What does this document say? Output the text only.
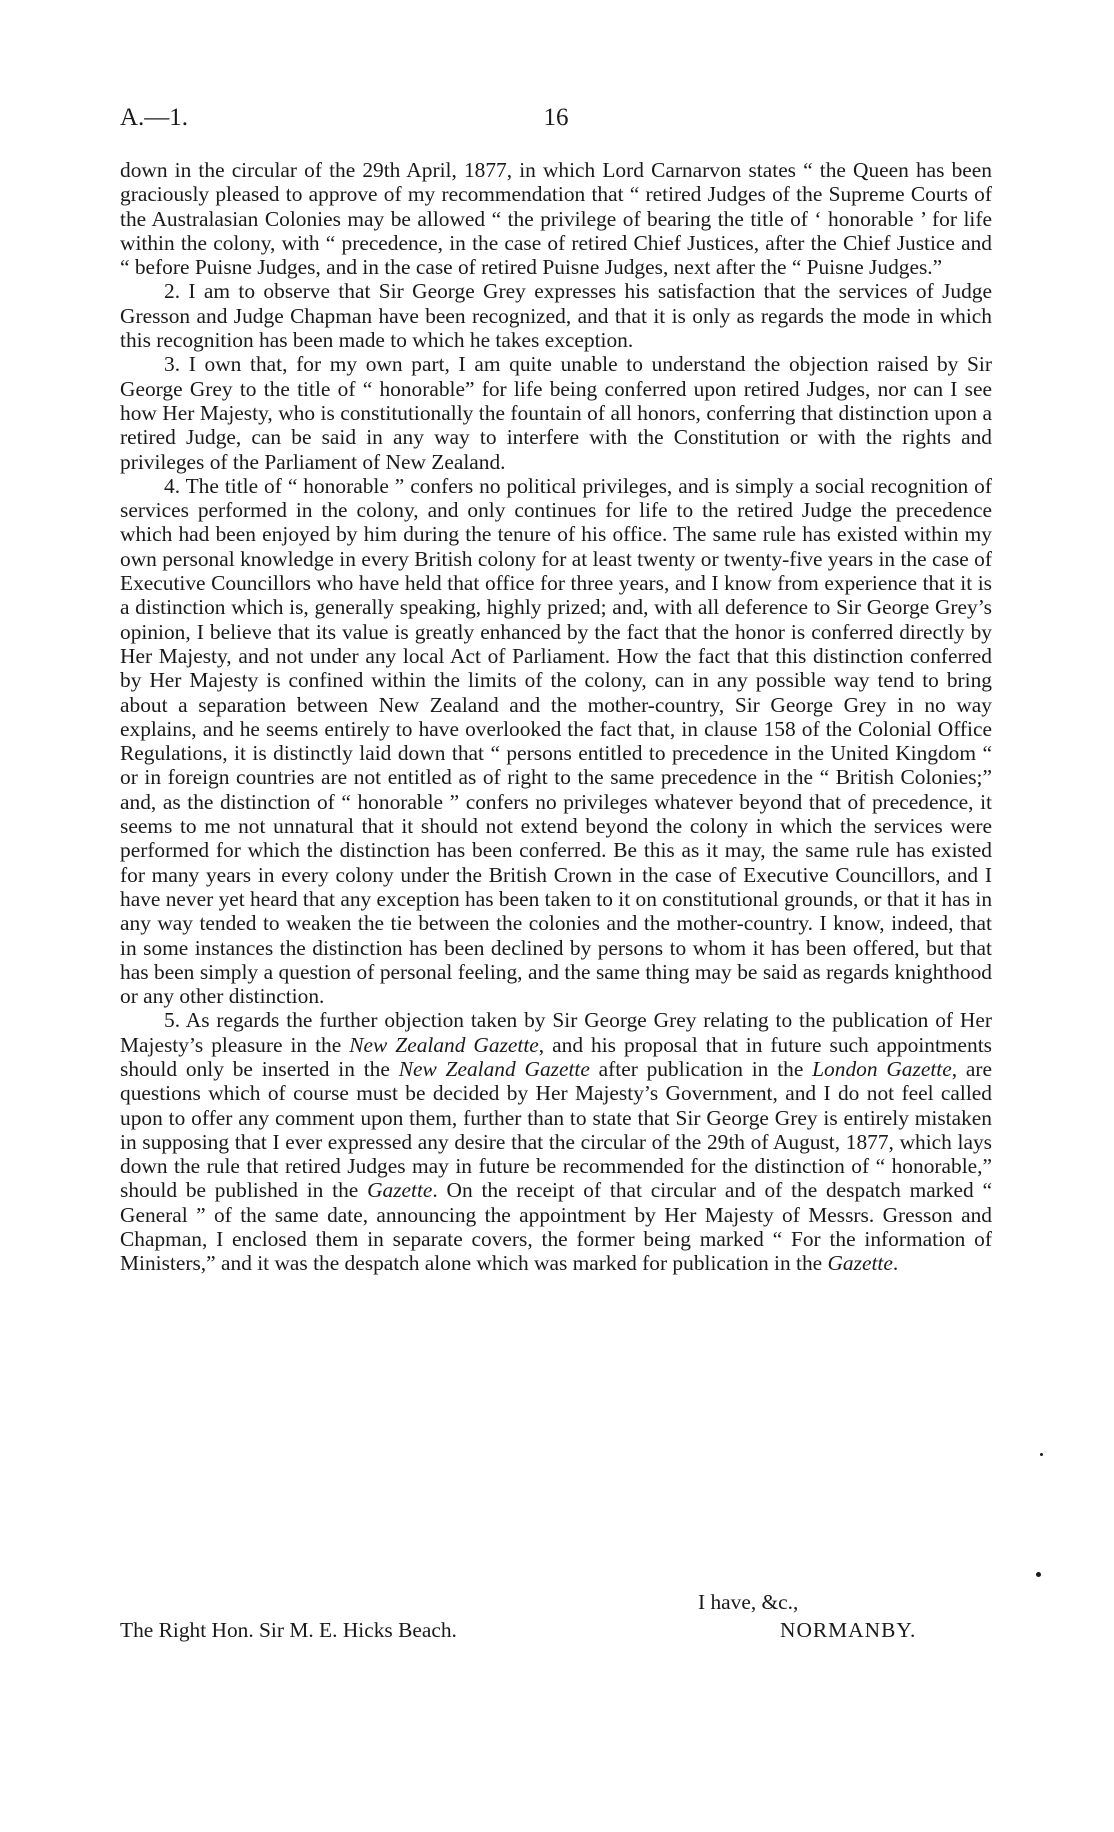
A.—1.	16

down in the circular of the 29th April, 1877, in which Lord Carnarvon states “ the Queen has been graciously pleased to approve of my recommendation that “ retired Judges of the Supreme Courts of the Australasian Colonies may be allowed “ the privilege of bearing the title of ‘ honorable ’ for life within the colony, with “ precedence, in the case of retired Chief Justices, after the Chief Justice and “ before Puisne Judges, and in the case of retired Puisne Judges, next after the “ Puisne Judges.”

2. I am to observe that Sir George Grey expresses his satisfaction that the services of Judge Gresson and Judge Chapman have been recognized, and that it is only as regards the mode in which this recognition has been made to which he takes exception.

3. I own that, for my own part, I am quite unable to understand the objection raised by Sir George Grey to the title of “ honorable” for life being conferred upon retired Judges, nor can I see how Her Majesty, who is constitutionally the fountain of all honors, conferring that distinction upon a retired Judge, can be said in any way to interfere with the Constitution or with the rights and privileges of the Parliament of New Zealand.

4. The title of “ honorable ” confers no political privileges, and is simply a social recognition of services performed in the colony, and only continues for life to the retired Judge the precedence which had been enjoyed by him during the tenure of his office. The same rule has existed within my own personal knowledge in every British colony for at least twenty or twenty-five years in the case of Executive Councillors who have held that office for three years, and I know from experience that it is a distinction which is, generally speaking, highly prized; and, with all deference to Sir George Grey’s opinion, I believe that its value is greatly enhanced by the fact that the honor is conferred directly by Her Majesty, and not under any local Act of Parliament. How the fact that this distinction conferred by Her Majesty is confined within the limits of the colony, can in any possible way tend to bring about a separation between New Zealand and the mother-country, Sir George Grey in no way explains, and he seems entirely to have overlooked the fact that, in clause 158 of the Colonial Office Regulations, it is distinctly laid down that “ persons entitled to precedence in the United Kingdom “ or in foreign countries are not entitled as of right to the same precedence in the “ British Colonies;” and, as the distinction of “ honorable ” confers no privileges whatever beyond that of precedence, it seems to me not unnatural that it should not extend beyond the colony in which the services were performed for which the distinction has been conferred. Be this as it may, the same rule has existed for many years in every colony under the British Crown in the case of Executive Councillors, and I have never yet heard that any exception has been taken to it on constitutional grounds, or that it has in any way tended to weaken the tie between the colonies and the mother-country. I know, indeed, that in some instances the distinction has been declined by persons to whom it has been offered, but that has been simply a question of personal feeling, and the same thing may be said as regards knighthood or any other distinction.

5. As regards the further objection taken by Sir George Grey relating to the publication of Her Majesty’s pleasure in the New Zealand Gazette, and his proposal that in future such appointments should only be inserted in the New Zealand Gazette after publication in the London Gazette, are questions which of course must be decided by Her Majesty’s Government, and I do not feel called upon to offer any comment upon them, further than to state that Sir George Grey is entirely mistaken in supposing that I ever expressed any desire that the circular of the 29th of August, 1877, which lays down the rule that retired Judges may in future be recommended for the distinction of “ honorable,” should be published in the Gazette. On the receipt of that circular and of the despatch marked “ General ” of the same date, announcing the appointment by Her Majesty of Messrs. Gresson and Chapman, I enclosed them in separate covers, the former being marked “ For the information of Ministers,” and it was the despatch alone which was marked for publication in the Gazette.

I have, &c.,
The Right Hon. Sir M. E. Hicks Beach.	NORMANBY.
